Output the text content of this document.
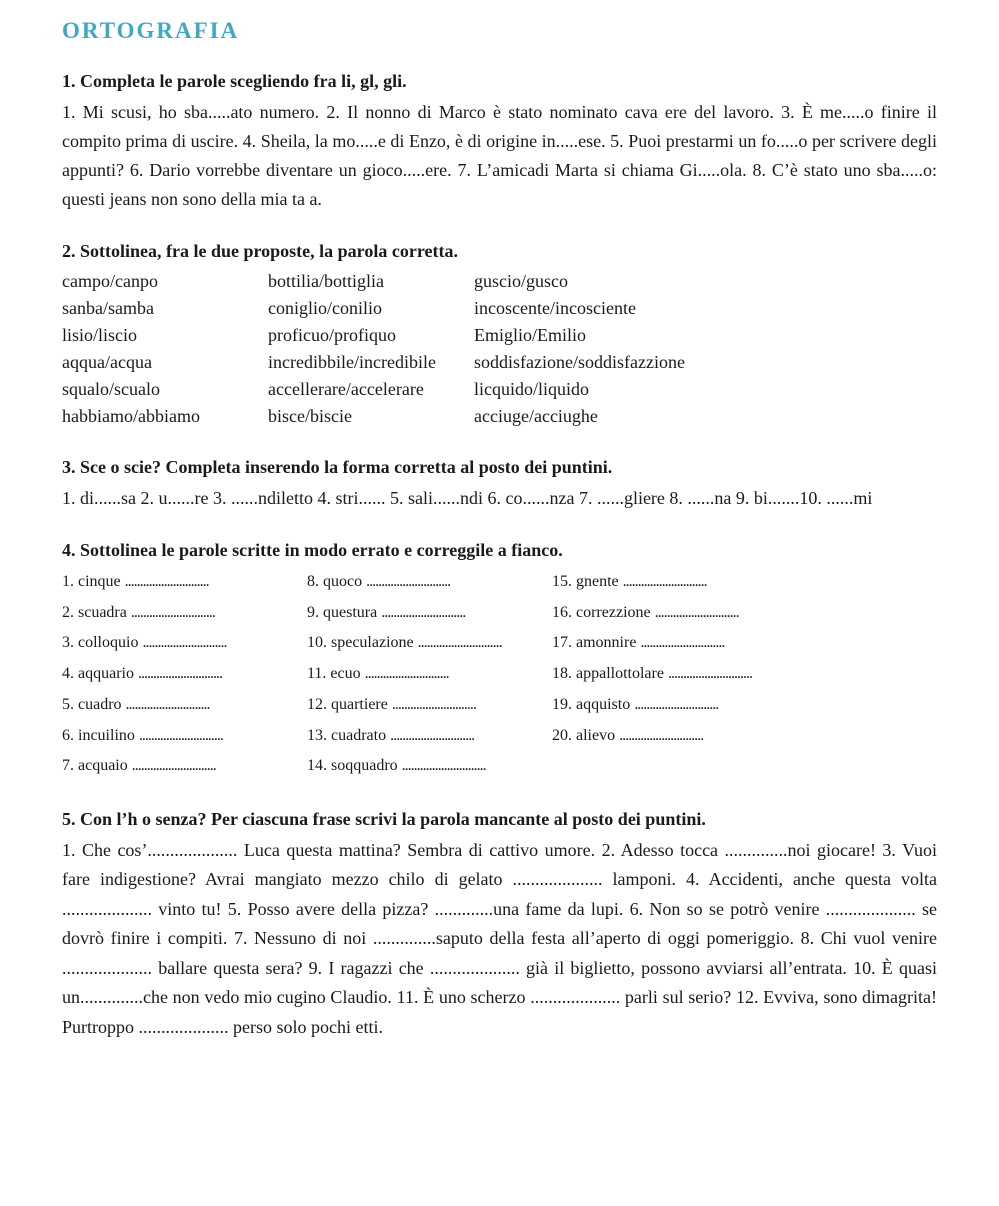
ORTOGRAFIA
1. Completa le parole scegliendo fra li, gl, gli.

1. Mi scusi, ho sba.....ato numero. 2. Il nonno di Marco è stato nominato cava ere del lavoro. 3. È me.....o finire il compito prima di uscire. 4. Sheila, la mo.....e di Enzo, è di origine in.....ese. 5. Puoi prestarmi un fo.....o per scrivere degli appunti? 6. Dario vorrebbe diventare un gioco.....ere. 7. L’amicadi Marta si chiama Gi.....ola. 8. C’è stato uno sba.....o: questi jeans non sono della mia ta a.

2. Sottolinea, fra le due proposte, la parola corretta.
campo/canpo	bottilia/bottiglia	guscio/gusco
sanba/samba	coniglio/conilio	incoscente/incosciente
lisio/liscio	proficuo/profiquo	Emiglio/Emilio
aqqua/acqua	incredibbile/incredibile	soddisfazione/soddisfazzione
squalo/scualo	accellerare/accelerare	licquido/liquido
habbiamo/abbiamo	bisce/biscie	acciuge/acciughe
3. Sce o scie? Completa inserendo la forma corretta al posto dei puntini.

1. di......sa 2. u......re 3. ......ndiletto 4. stri...... 5. sali......ndi 6. co......nza 7. ......gliere 8. ......na 9. bi.......10. ......mi

4. Sottolinea le parole scritte in modo errato e correggile a fianco.
1. cinque ............................	8. quoco ............................	15. gnente ............................
2. scuadra ............................	9. questura ............................	16. correzzione ............................
3. colloquio ............................	10. speculazione ............................	17. amonnire ............................
4. aqquario ............................	11. ecuo ............................	18. appallottolare ............................
5. cuadro ............................	12. quartiere ............................	19. aqquisto ............................
6. incuilino ............................	13. cuadrato ............................	20. alievo ............................
7. acquaio ............................	14. soqquadro ............................
5. Con l’h o senza? Per ciascuna frase scrivi la parola mancante al posto dei puntini.

1. Che cos’.................... Luca questa mattina? Sembra di cattivo umore. 2. Adesso tocca ..............noi giocare! 3. Vuoi fare indigestione? Avrai mangiato mezzo chilo di gelato .................... lamponi. 4. Accidenti, anche questa volta .................... vinto tu! 5. Posso avere della pizza? .............una fame da lupi. 6. Non so se potrò venire .................... se dovrò finire i compiti. 7. Nessuno di noi ..............saputo della festa all’aperto di oggi pomeriggio. 8. Chi vuol venire .................... ballare questa sera? 9. I ragazzi che .................... già il biglietto, possono avviarsi all’entrata. 10. È quasi un..............che non vedo mio cugino Claudio. 11. È uno scherzo .................... parli sul serio? 12. Evviva, sono dimagrita! Purtroppo .................... perso solo pochi etti.
